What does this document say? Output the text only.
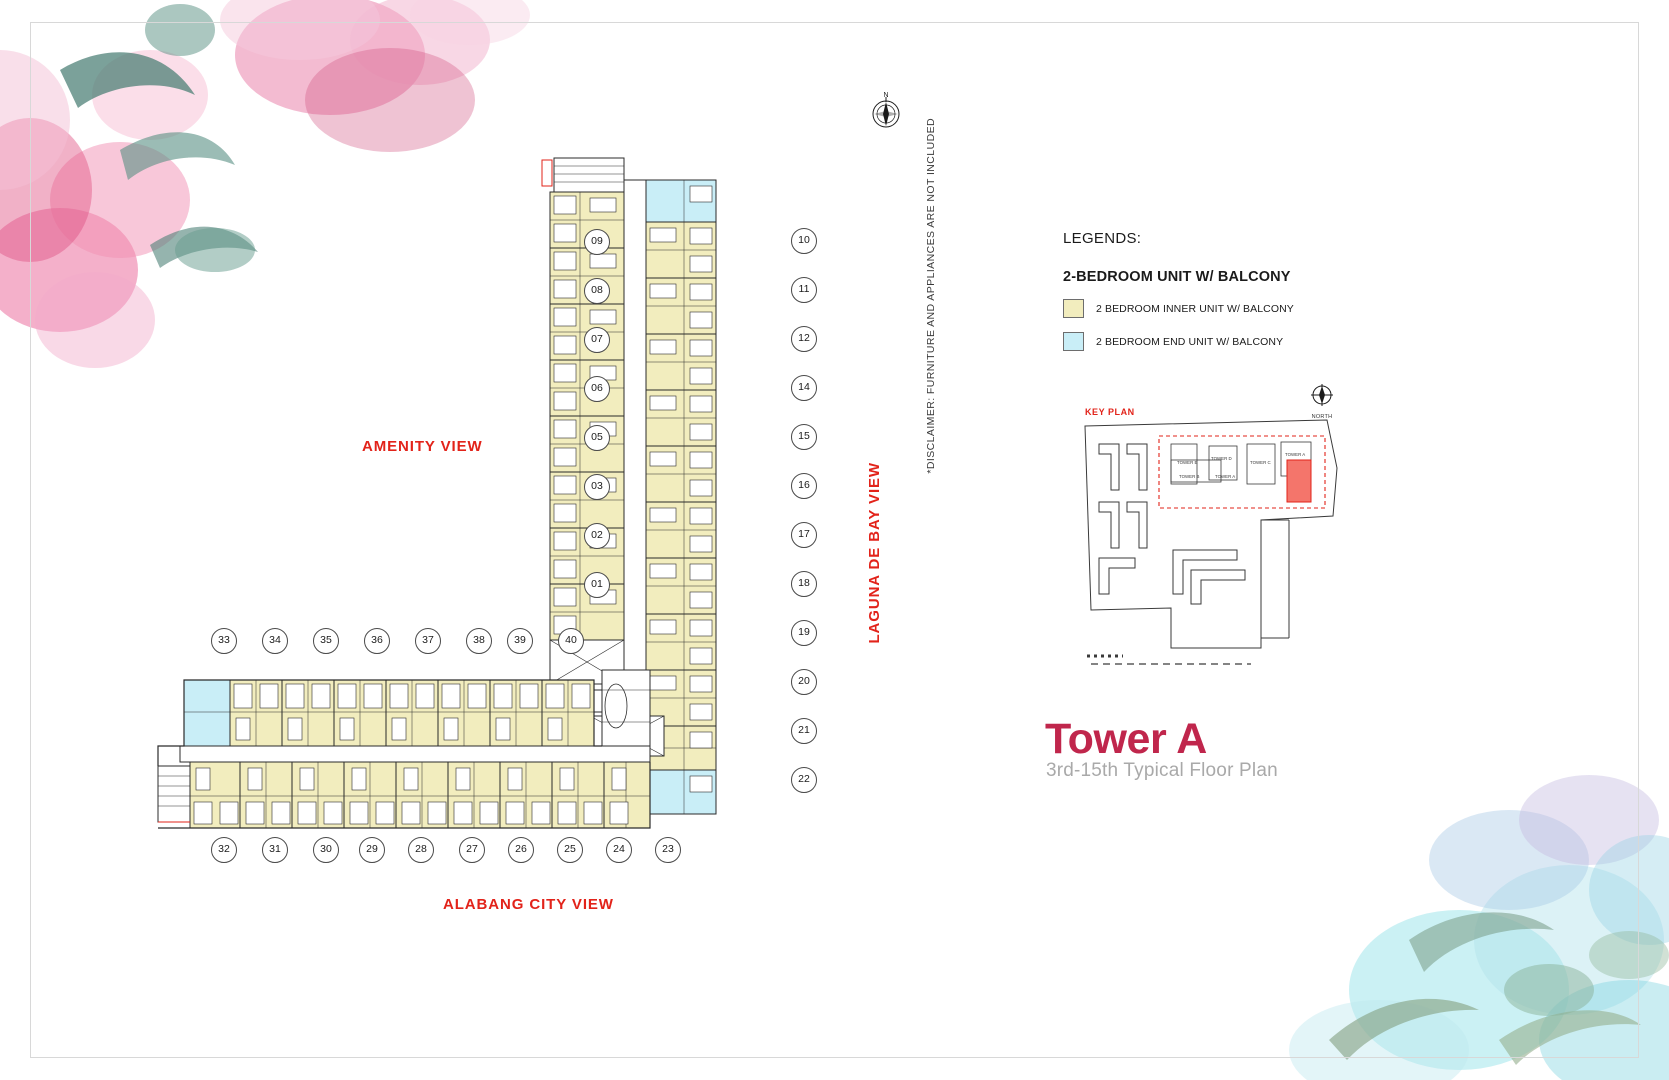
N
AMENITY VIEW
ALABANG CITY VIEW
LAGUNA DE BAY VIEW
*DISCLAIMER: FURNITURE AND APPLIANCES ARE NOT INCLUDED
09
08
07
06
05
03
02
01
10
11
12
14
15
16
17
18
19
20
21
22
33	34	35	36	37	38	39	40
32	31	30	29	28	27	26	25	24	23
LEGENDS:
2-BEDROOM UNIT W/ BALCONY
2 BEDROOM INNER UNIT W/ BALCONY
2 BEDROOM END UNIT W/ BALCONY
KEY PLAN	NORTH
TOWER E
TOWER D
TOWER C
TOWER B	TOWER A
TOWER A
Tower A
3rd-15th Typical Floor Plan
